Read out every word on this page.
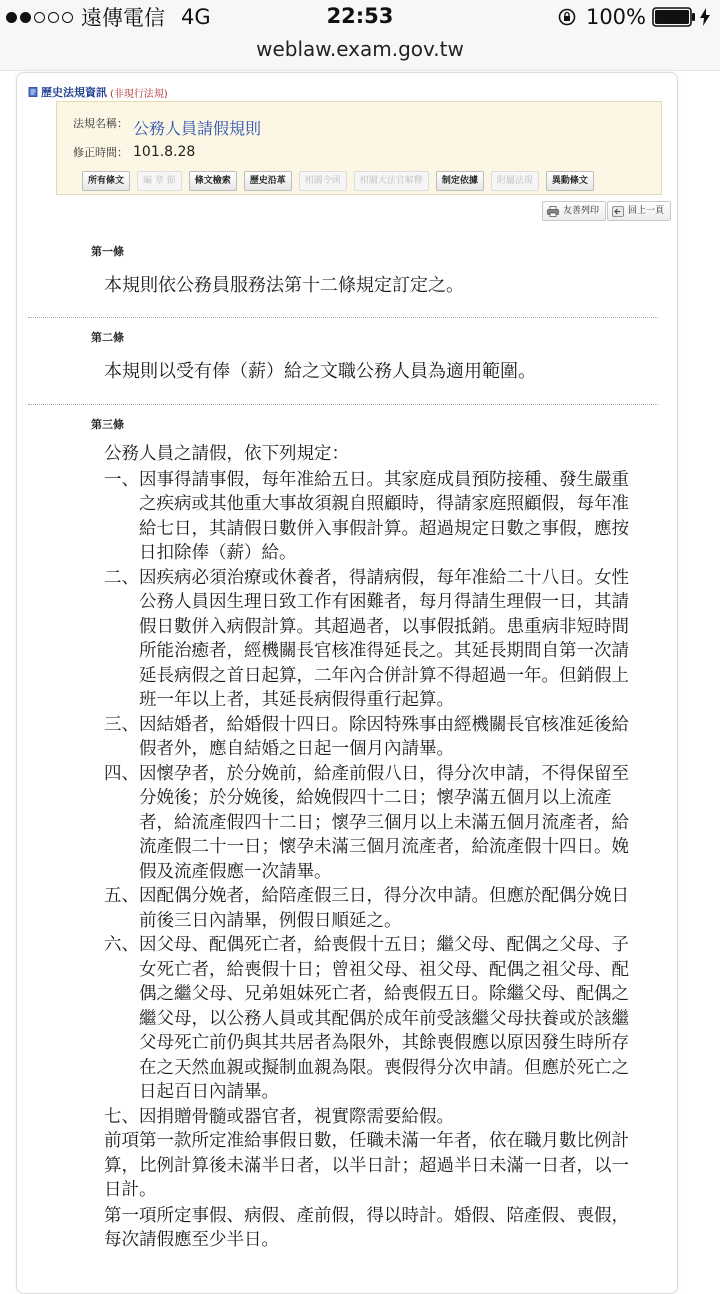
遠傳電信 4G	22:53	100%
weblaw.exam.gov.tw
歷史法規資訊 (非現行法規)
法規名稱： 公務人員請假規則
修正時間： 101.8.28
所有條文	編 章 節	條文檢索	歷史沿革	相關令函	相關大法官解釋	制定依據	附屬法規	異動條文
友善列印	回上一頁
第一條
本規則依公務員服務法第十二條規定訂定之。
第二條
本規則以受有俸（薪）給之文職公務人員為適用範圍。
第三條
公務人員之請假，依下列規定：
一、 因事得請事假，每年准給五日。其家庭成員預防接種、發生嚴重之疾病或其他重大事故須親自照顧時，得請家庭照顧假，每年准給七日，其請假日數併入事假計算。超過規定日數之事假，應按日扣除俸（薪）給。
二、 因疾病必須治療或休養者，得請病假，每年准給二十八日。女性公務人員因生理日致工作有困難者，每月得請生理假一日，其請假日數併入病假計算。其超過者，以事假抵銷。患重病非短時間所能治癒者，經機關長官核准得延長之。其延長期間自第一次請延長病假之首日起算，二年內合併計算不得超過一年。但銷假上班一年以上者，其延長病假得重行起算。
三、 因結婚者，給婚假十四日。除因特殊事由經機關長官核准延後給假者外，應自結婚之日起一個月內請畢。
四、 因懷孕者，於分娩前，給產前假八日，得分次申請，不得保留至分娩後；於分娩後，給娩假四十二日；懷孕滿五個月以上流產者，給流產假四十二日；懷孕三個月以上未滿五個月流產者，給流產假二十一日；懷孕未滿三個月流產者，給流產假十四日。娩假及流產假應一次請畢。
五、 因配偶分娩者，給陪產假三日，得分次申請。但應於配偶分娩日前後三日內請畢，例假日順延之。
六、 因父母、配偶死亡者，給喪假十五日；繼父母、配偶之父母、子女死亡者，給喪假十日；曾祖父母、祖父母、配偶之祖父母、配偶之繼父母、兄弟姐妹死亡者，給喪假五日。除繼父母、配偶之繼父母，以公務人員或其配偶於成年前受該繼父母扶養或於該繼父母死亡前仍與其共居者為限外，其餘喪假應以原因發生時所存在之天然血親或擬制血親為限。喪假得分次申請。但應於死亡之日起百日內請畢。
七、 因捐贈骨髓或器官者，視實際需要給假。
前項第一款所定准給事假日數，任職未滿一年者，依在職月數比例計算，比例計算後未滿半日者，以半日計；超過半日未滿一日者，以一日計。
第一項所定事假、病假、產前假，得以時計。婚假、陪產假、喪假，每次請假應至少半日。
